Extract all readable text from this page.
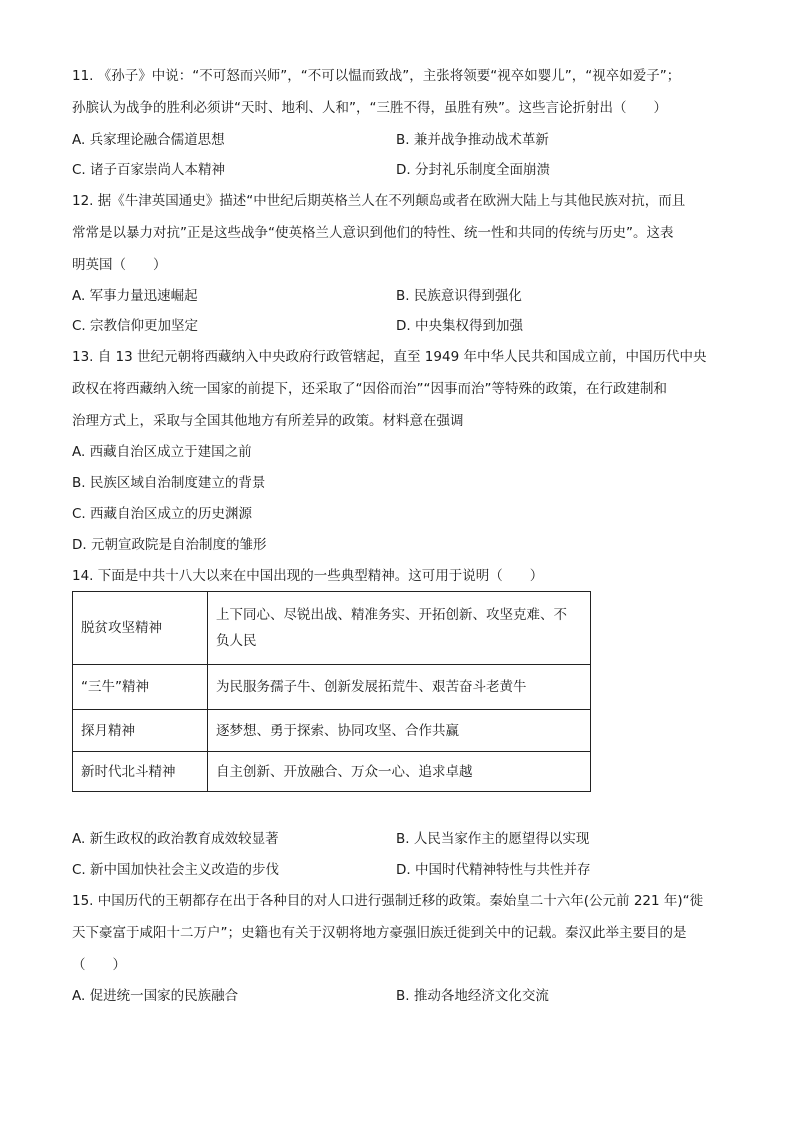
11. 《孙子》中说：“不可怒而兴师”，“不可以愠而致战”，主张将领要“视卒如婴儿”，“视卒如爱子”；
孙膑认为战争的胜利必须讲“天时、地利、人和”，“三胜不得，虽胜有殃”。这些言论折射出（　　）
A. 兵家理论融合儒道思想	B. 兼并战争推动战术革新
C. 诸子百家崇尚人本精神	D. 分封礼乐制度全面崩溃
12. 据《牛津英国通史》描述“中世纪后期英格兰人在不列颠岛或者在欧洲大陆上与其他民族对抗，而且
常常是以暴力对抗”正是这些战争“使英格兰人意识到他们的特性、统一性和共同的传统与历史”。这表
明英国（　　）
A. 军事力量迅速崛起	B. 民族意识得到强化
C. 宗教信仰更加坚定	D. 中央集权得到加强
13. 自 13 世纪元朝将西藏纳入中央政府行政管辖起，直至 1949 年中华人民共和国成立前，中国历代中央
政权在将西藏纳入统一国家的前提下，还采取了“因俗而治”“因事而治”等特殊的政策，在行政建制和
治理方式上，采取与全国其他地方有所差异的政策。材料意在强调
A. 西藏自治区成立于建国之前
B. 民族区域自治制度建立的背景
C. 西藏自治区成立的历史渊源
D. 元朝宣政院是自治制度的雏形
14. 下面是中共十八大以来在中国出现的一些典型精神。这可用于说明（　　）
脱贫攻坚精神	上下同心、尽锐出战、精准务实、开拓创新、攻坚克难、不
负人民

“三牛”精神	为民服务孺子牛、创新发展拓荒牛、艰苦奋斗老黄牛
探月精神	逐梦想、勇于探索、协同攻坚、合作共赢
新时代北斗精神	自主创新、开放融合、万众一心、追求卓越
A. 新生政权的政治教育成效较显著	B. 人民当家作主的愿望得以实现
C. 新中国加快社会主义改造的步伐	D. 中国时代精神特性与共性并存
15. 中国历代的王朝都存在出于各种目的对人口进行强制迁移的政策。秦始皇二十六年(公元前 221 年)“徙
天下豪富于咸阳十二万户”；史籍也有关于汉朝将地方豪强旧族迁徙到关中的记载。秦汉此举主要目的是
（　　）
A. 促进统一国家的民族融合	B. 推动各地经济文化交流
